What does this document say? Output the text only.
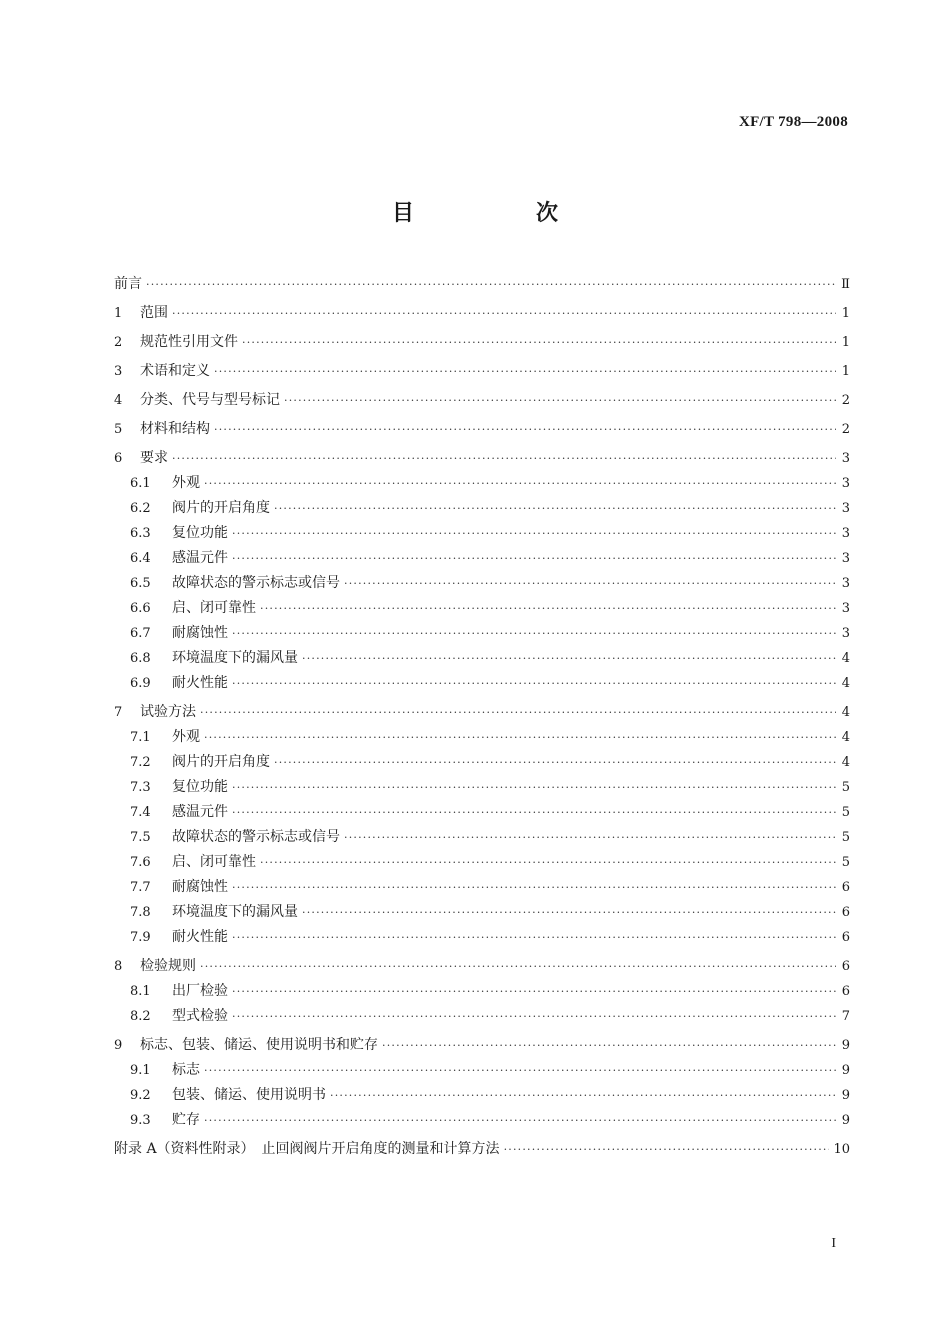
XF/T 798—2008
目　次
前言 ·····	Ⅱ
1	范围 ·····	1
2	规范性引用文件 ·····	1
3	术语和定义 ·····	1
4	分类、代号与型号标记 ·····	2
5	材料和结构 ·····	2
6	要求 ·····	3
6.1	外观 ·····	3
6.2	阀片的开启角度 ·····	3
6.3	复位功能 ·····	3
6.4	感温元件 ·····	3
6.5	故障状态的警示标志或信号 ·····	3
6.6	启、闭可靠性 ·····	3
6.7	耐腐蚀性 ·····	3
6.8	环境温度下的漏风量 ·····	4
6.9	耐火性能 ·····	4
7	试验方法 ·····	4
7.1	外观 ·····	4
7.2	阀片的开启角度 ·····	4
7.3	复位功能 ·····	5
7.4	感温元件 ·····	5
7.5	故障状态的警示标志或信号 ·····	5
7.6	启、闭可靠性 ·····	5
7.7	耐腐蚀性 ·····	6
7.8	环境温度下的漏风量 ·····	6
7.9	耐火性能 ·····	6
8	检验规则 ·····	6
8.1	出厂检验 ·····	6
8.2	型式检验 ·····	7
9	标志、包装、储运、使用说明书和贮存 ·····	9
9.1	标志 ·····	9
9.2	包装、储运、使用说明书 ·····	9
9.3	贮存 ·····	9
附录 A（资料性附录）　止回阀阀片开启角度的测量和计算方法 ·····	10
I
